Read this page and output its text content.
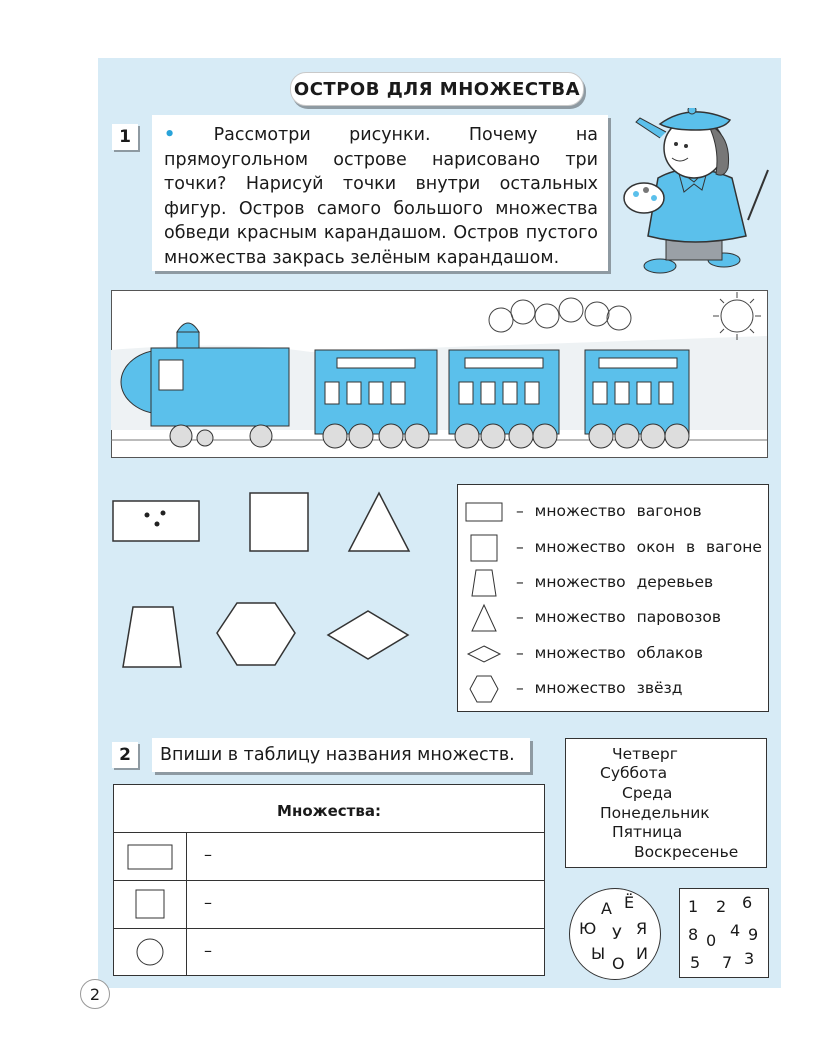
ОСТРОВ ДЛЯ МНОЖЕСТВА
1	• Рассмотри рисунки. Почему на прямоугольном острове нарисовано три точки? Нарисуй точки внутри остальных фигур. Остров самого большого множества обведи красным карандашом. Остров пустого множества закрась зелёным карандашом.
– множество вагонов
– множество окон в вагоне
– множество деревьев
– множество паровозов
– множество облаков
– множество звёзд
2	Впиши в таблицу названия множеств.
Множества:
–
–
–
Четверг
Суббота
Среда
Понедельник
Пятница
Воскресенье
А Ё
Ю У Я
Ы
О
И
1 2 6
8 0
4 9
5 7 3
2
